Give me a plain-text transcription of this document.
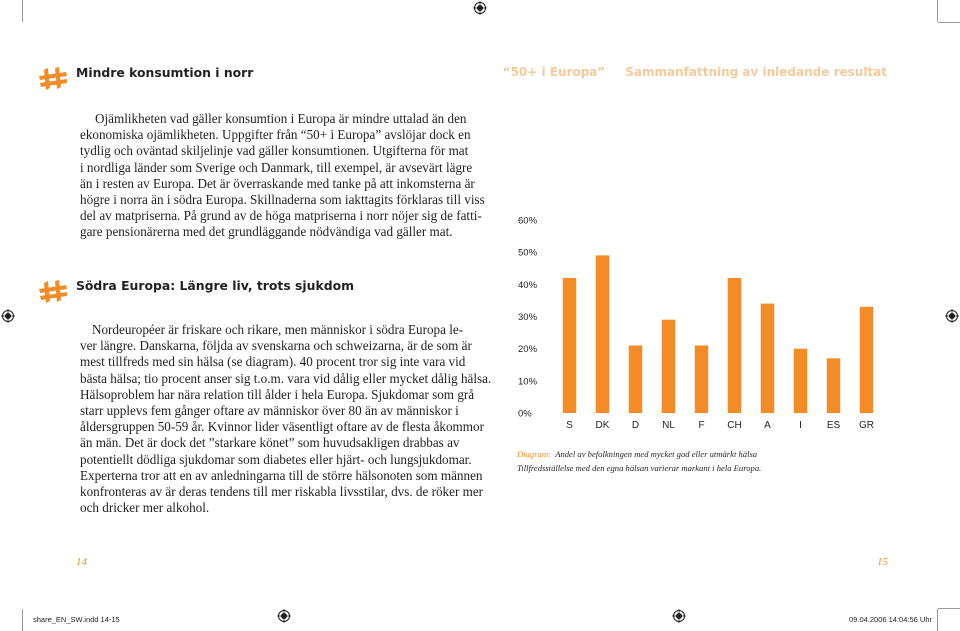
“50+ i Europa” Sammanfattning av inledande resultat
Mindre konsumtion i norr
Ojämlikheten vad gäller konsumtion i Europa är mindre uttalad än den
ekonomiska ojämlikheten. Uppgifter från “50+ i Europa” avslöjar dock en
tydlig och oväntad skiljelinje vad gäller konsumtionen. Utgifterna för mat
i nordliga länder som Sverige och Danmark, till exempel, är avsevärt lägre
än i resten av Europa. Det är överraskande med tanke på att inkomsterna är
högre i norra än i södra Europa. Skillnaderna som iakttagits förklaras till viss
del av matpriserna. På grund av de höga matpriserna i norr nöjer sig de fatti-
gare pensionärerna med det grundläggande nödvändiga vad gäller mat.
Södra Europa: Längre liv, trots sjukdom
Nordeuropéer är friskare och rikare, men människor i södra Europa le-
ver längre. Danskarna, följda av svenskarna och schweizarna, är de som är
mest tillfreds med sin hälsa (se diagram). 40 procent tror sig inte vara vid
bästa hälsa; tio procent anser sig t.o.m. vara vid dålig eller mycket dålig hälsa.
Hälsoproblem har nära relation till ålder i hela Europa. Sjukdomar som grå
starr upplevs fem gånger oftare av människor över 80 än av människor i
åldersgruppen 50-59 år. Kvinnor lider väsentligt oftare av de flesta åkommor
än män. Det är dock det ”starkare könet” som huvudsakligen drabbas av
potentiellt dödliga sjukdomar som diabetes eller hjärt- och lungsjukdomar.
Experterna tror att en av anledningarna till de större hälsonoten som männen
konfronteras av är deras tendens till mer riskabla livsstilar, dvs. de röker mer
och dricker mer alkohol.
0%
10%
20%
30%
40%
50%
60%
S DK D NL F CH A	I ES GR
Diagram: Andel av befolkningen med mycket god eller utmärkt hälsa
Tillfredsställelse med den egna hälsan varierar markant i hela Europa.
14	15
share_EN_SW.indd 14-15	09.04.2006 14:04:56 Uhr
